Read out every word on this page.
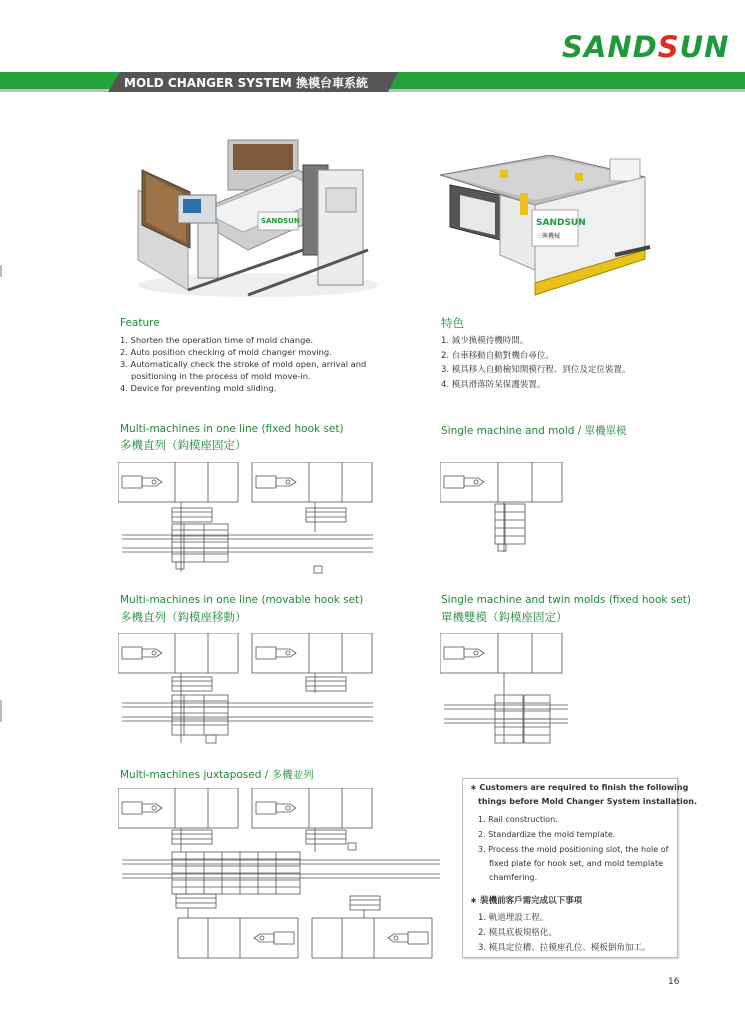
SANDSUN
MOLD CHANGER SYSTEM 換模台車系統
SANDSUN	SANDSUN
三興機械
Feature
1. Shorten the operation time of mold change.
2. Auto position checking of mold changer moving.
3. Automatically check the stroke of mold open, arrival and
positioning in the process of mold move-in.
4. Device for preventing mold sliding.
特色
1. 減少換模待機時間。
2. 台車移動自動對機台尋位。
3. 模具移入自動檢知開模行程、到位及定位裝置。
4. 模具滑落防呆保護裝置。
Multi-machines in one line (fixed hook set)
多機直列（鈎模座固定）
Single machine and mold / 單機單模
Multi-machines in one line (movable hook set)
多機直列（鈎模座移動）
Single machine and twin molds (fixed hook set)
單機雙模（鈎模座固定）
Multi-machines juxtaposed / 多機並列
∗ Customers are required to finish the following
things before Mold Changer System installation.
1. Rail construction.
2. Standardize the mold template.
3. Process the mold positioning slot, the hole of
fixed plate for hook set, and mold template
chamfering.
∗ 裝機前客戶需完成以下事項
1. 軌道埋設工程。
2. 模具底板規格化。
3. 模具定位槽、拉模座孔位、模板倒角加工。
16
